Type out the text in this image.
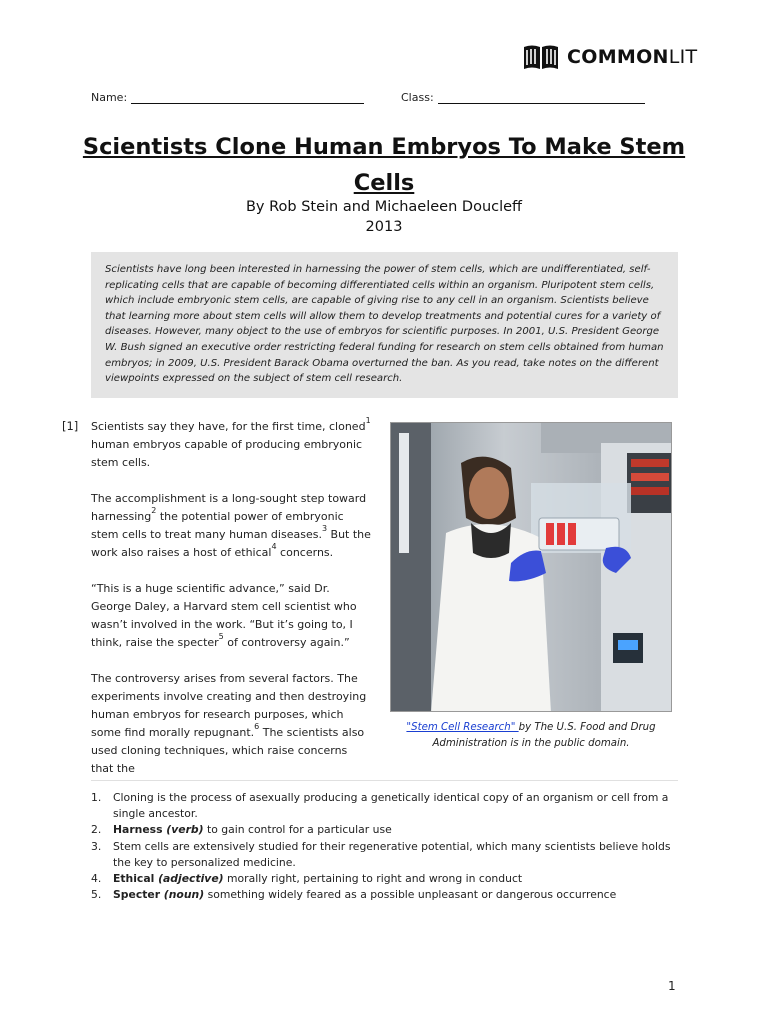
COMMONLIT
Name:	Class:
Scientists Clone Human Embryos To Make Stem
Cells
By Rob Stein and Michaeleen Doucleff
2013
Scientists have long been interested in harnessing the power of stem cells, which are undifferentiated, self-replicating cells that are capable of becoming differentiated cells within an organism. Pluripotent stem cells, which include embryonic stem cells, are capable of giving rise to any cell in an organism. Scientists believe that learning more about stem cells will allow them to develop treatments and potential cures for a variety of diseases. However, many object to the use of embryos for scientific purposes. In 2001, U.S. President George W. Bush signed an executive order restricting federal funding for research on stem cells obtained from human embryos; in 2009, U.S. President Barack Obama overturned the ban. As you read, take notes on the different viewpoints expressed on the subject of stem cell research.
[1] Scientists say they have, for the first time, cloned$^1$ human embryos capable of producing embryonic stem cells.

The accomplishment is a long-sought step toward harnessing$^2$ the potential power of embryonic stem cells to treat many human diseases.$^3$ But the work also raises a host of ethical$^4$ concerns.

“This is a huge scientific advance,” said Dr. George Daley, a Harvard stem cell scientist who wasn’t involved in the work. “But it’s going to, I think, raise the specter$^5$ of controversy again.”

The controversy arises from several factors. The experiments involve creating and then destroying human embryos for research purposes, which some find morally repugnant.$^6$ The scientists also used cloning techniques, which raise concerns that the

"Stem Cell Research" by The U.S. Food and Drug Administration is in the public domain.
1.	Cloning is the process of asexually producing a genetically identical copy of an organism or cell from a single ancestor.
2.	Harness (verb) to gain control for a particular use
3.	Stem cells are extensively studied for their regenerative potential, which many scientists believe holds the key to personalized medicine.
4.	Ethical (adjective) morally right, pertaining to right and wrong in conduct
5.	Specter (noun) something widely feared as a possible unpleasant or dangerous occurrence
1
